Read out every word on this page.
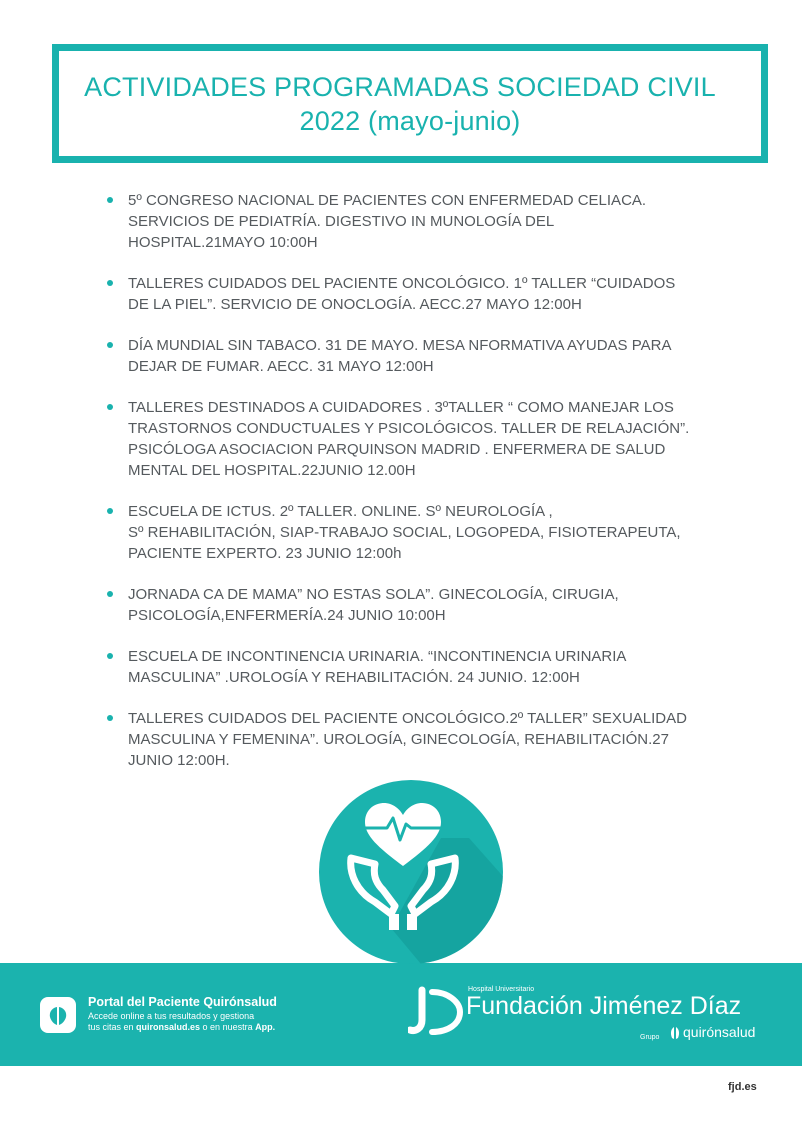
ACTIVIDADES PROGRAMADAS SOCIEDAD CIVIL
2022 (mayo-junio)
5º CONGRESO NACIONAL DE PACIENTES CON ENFERMEDAD CELIACA.
SERVICIOS DE PEDIATRÍA. DIGESTIVO IN MUNOLOGÍA DEL
HOSPITAL.21MAYO 10:00H
TALLERES CUIDADOS DEL PACIENTE ONCOLÓGICO. 1º TALLER “CUIDADOS
DE LA PIEL”. SERVICIO DE ONOCLOGÍA. AECC.27 MAYO 12:00H
DÍA MUNDIAL SIN TABACO. 31 DE MAYO. MESA NFORMATIVA AYUDAS PARA
DEJAR DE FUMAR. AECC. 31 MAYO 12:00H
TALLERES DESTINADOS A CUIDADORES . 3ºTALLER “ COMO MANEJAR LOS
TRASTORNOS CONDUCTUALES Y PSICOLÓGICOS. TALLER DE RELAJACIÓN”.
PSICÓLOGA ASOCIACION PARQUINSON MADRID . ENFERMERA DE SALUD
MENTAL DEL HOSPITAL.22JUNIO 12.00H
ESCUELA DE ICTUS. 2º TALLER. ONLINE. Sº NEUROLOGÍA ,
Sº REHABILITACIÓN, SIAP-TRABAJO SOCIAL, LOGOPEDA, FISIOTERAPEUTA,
PACIENTE EXPERTO. 23 JUNIO 12:00h
JORNADA CA DE MAMA” NO ESTAS SOLA”. GINECOLOGÍA, CIRUGIA,
PSICOLOGÍA,ENFERMERÍA.24 JUNIO 10:00H
ESCUELA DE INCONTINENCIA URINARIA. “INCONTINENCIA URINARIA
MASCULINA” .UROLOGÍA Y REHABILITACIÓN. 24 JUNIO. 12:00H
TALLERES CUIDADOS DEL PACIENTE ONCOLÓGICO.2º TALLER” SEXUALIDAD
MASCULINA Y FEMENINA”. UROLOGÍA, GINECOLOGÍA, REHABILITACIÓN.27
JUNIO 12:00H.
Portal del Paciente Quirónsalud
Accede online a tus resultados y gestiona
tus citas en quironsalud.es o en nuestra App.
Hospital Universitario
Fundación Jiménez Díaz
Grupo quirónsalud
fjd.es
